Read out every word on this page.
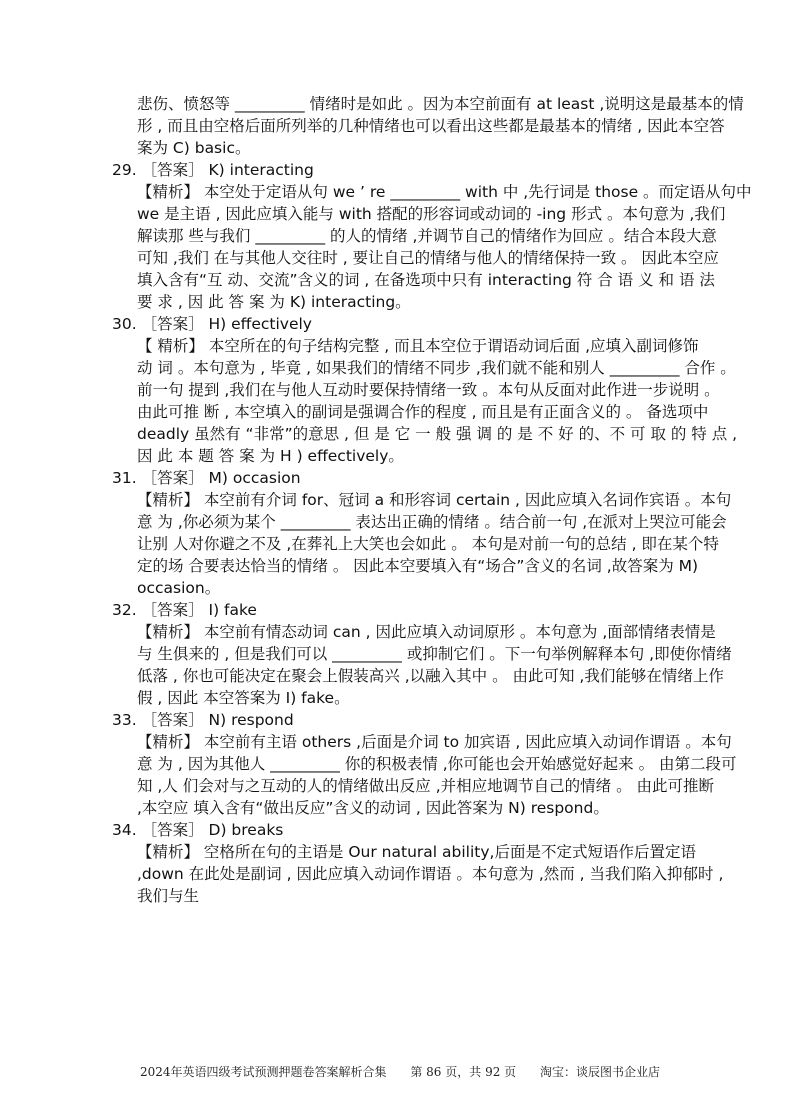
悲伤、愤怒等 _________ 情绪时是如此 。因为本空前面有 at least ,说明这是最基本的情
形 , 而且由空格后面所列举的几种情绪也可以看出这些都是最基本的情绪 , 因此本空答
案为 C) basic。
29. ［答案］ K) interacting
【精析】 本空处于定语从句 we ’ re _________ with 中 ,先行词是 those 。而定语从句中
we 是主语 , 因此应填入能与 with 搭配的形容词或动词的 -ing 形式 。本句意为 ,我们
解读那 些与我们 _________ 的人的情绪 ,并调节自己的情绪作为回应 。结合本段大意
可知 ,我们 在与其他人交往时 , 要让自己的情绪与他人的情绪保持一致 。 因此本空应
填入含有“互 动、交流”含义的词 , 在备选项中只有 interacting 符 合 语 义 和 语 法
要 求 , 因 此 答 案 为 K) interacting。
30. ［答案］ H) effectively
【 精析】 本空所在的句子结构完整 , 而且本空位于谓语动词后面 ,应填入副词修饰
动 词 。本句意为 , 毕竟 , 如果我们的情绪不同步 ,我们就不能和别人 _________ 合作 。
前一句 提到 ,我们在与他人互动时要保持情绪一致 。本句从反面对此作进一步说明 。
由此可推 断 , 本空填入的副词是强调合作的程度 , 而且是有正面含义的 。 备选项中
deadly 虽然有 “非常”的意思 , 但 是 它 一 般 强 调 的 是 不 好 的、不 可 取 的 特 点 ,
因 此 本 题 答 案 为 H ) effectively。
31. ［答案］ M) occasion
【精析】 本空前有介词 for、冠词 a 和形容词 certain , 因此应填入名词作宾语 。本句
意 为 ,你必须为某个 _________ 表达出正确的情绪 。结合前一句 ,在派对上哭泣可能会
让别 人对你避之不及 ,在葬礼上大笑也会如此 。 本句是对前一句的总结 , 即在某个特
定的场 合要表达恰当的情绪 。 因此本空要填入有“场合”含义的名词 ,故答案为 M)
occasion。
32. ［答案］ I) fake
【精析】 本空前有情态动词 can , 因此应填入动词原形 。本句意为 ,面部情绪表情是
与 生俱来的 , 但是我们可以 _________ 或抑制它们 。下一句举例解释本句 ,即使你情绪
低落 , 你也可能决定在聚会上假装高兴 ,以融入其中 。 由此可知 ,我们能够在情绪上作
假 , 因此 本空答案为 I) fake。
33. ［答案］ N) respond
【精析】 本空前有主语 others ,后面是介词 to 加宾语 , 因此应填入动词作谓语 。本句
意 为 , 因为其他人 _________ 你的积极表情 ,你可能也会开始感觉好起来 。 由第二段可
知 ,人 们会对与之互动的人的情绪做出反应 ,并相应地调节自己的情绪 。 由此可推断
,本空应 填入含有“做出反应”含义的动词 , 因此答案为 N) respond。
34. ［答案］ D) breaks
【精析】 空格所在句的主语是 Our natural ability,后面是不定式短语作后置定语
,down 在此处是副词 , 因此应填入动词作谓语 。本句意为 ,然而 , 当我们陷入抑郁时 ,
我们与生
2024年英语四级考试预测押题卷答案解析合集 第 86 页，共 92 页 淘宝：谈辰图书企业店
